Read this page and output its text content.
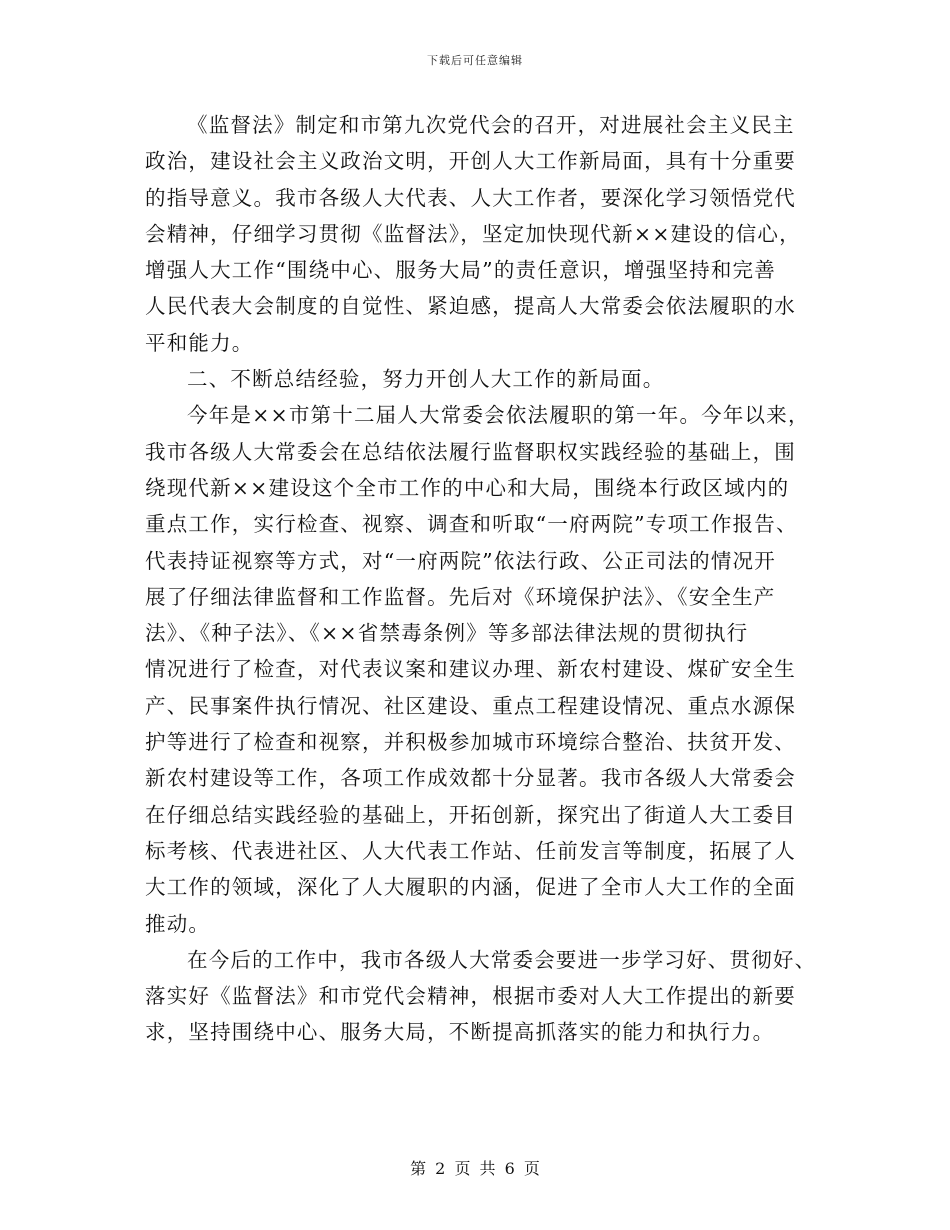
下载后可任意编辑

《监督法》制定和市第九次党代会的召开，对进展社会主义民主
政治，建设社会主义政治文明，开创人大工作新局面，具有十分重要
的指导意义。我市各级人大代表、人大工作者，要深化学习领悟党代
会精神，仔细学习贯彻《监督法》，坚定加快现代新××建设的信心，
增强人大工作“围绕中心、服务大局”的责任意识，增强坚持和完善
人民代表大会制度的自觉性、紧迫感，提高人大常委会依法履职的水
平和能力。

二、不断总结经验，努力开创人大工作的新局面。

今年是××市第十二届人大常委会依法履职的第一年。今年以来，
我市各级人大常委会在总结依法履行监督职权实践经验的基础上，围
绕现代新××建设这个全市工作的中心和大局，围绕本行政区域内的
重点工作，实行检查、视察、调查和听取“一府两院”专项工作报告、
代表持证视察等方式，对“一府两院”依法行政、公正司法的情况开
展了仔细法律监督和工作监督。先后对《环境保护法》、《安全生产
法》、《种子法》、《××省禁毒条例》等多部法律法规的贯彻执行
情况进行了检查，对代表议案和建议办理、新农村建设、煤矿安全生
产、民事案件执行情况、社区建设、重点工程建设情况、重点水源保
护等进行了检查和视察，并积极参加城市环境综合整治、扶贫开发、
新农村建设等工作，各项工作成效都十分显著。我市各级人大常委会
在仔细总结实践经验的基础上，开拓创新，探究出了街道人大工委目
标考核、代表进社区、人大代表工作站、任前发言等制度，拓展了人
大工作的领域，深化了人大履职的内涵，促进了全市人大工作的全面
推动。

在今后的工作中，我市各级人大常委会要进一步学习好、贯彻好、
落实好《监督法》和市党代会精神，根据市委对人大工作提出的新要
求，坚持围绕中心、服务大局，不断提高抓落实的能力和执行力。

第 2 页 共 6 页
